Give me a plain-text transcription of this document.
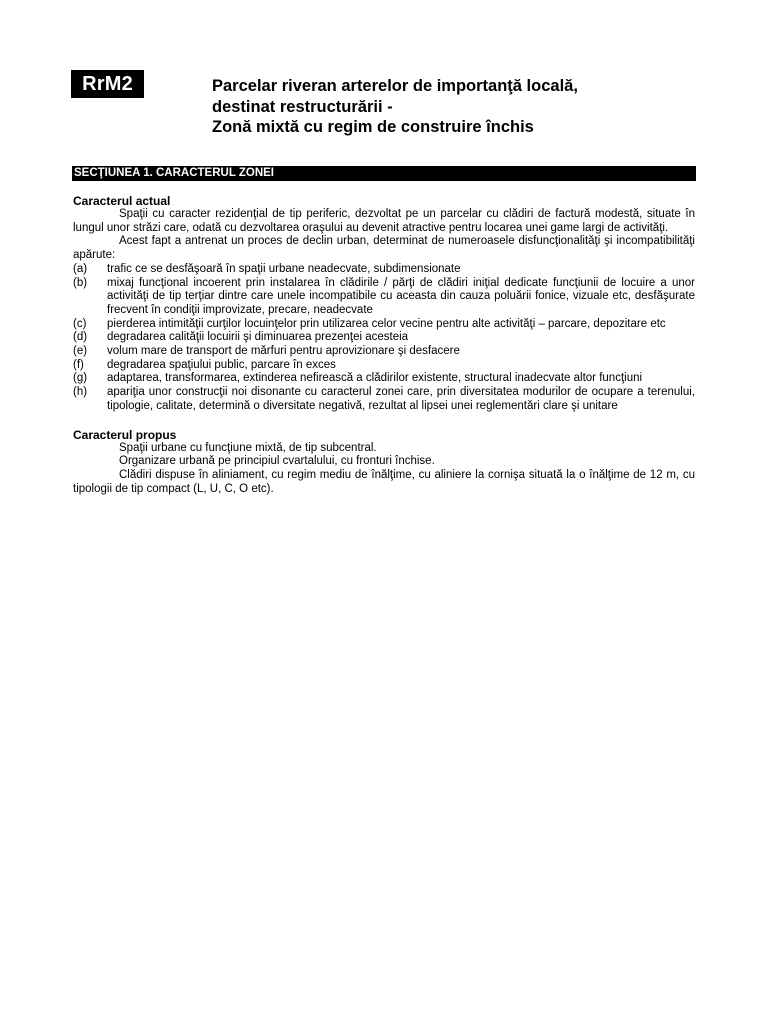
RrM2	Parcelar riveran arterelor de importanţă locală,
destinat restructurării -
Zonă mixtă cu regim de construire închis
SECŢIUNEA 1. CARACTERUL ZONEI
Caracterul actual
Spaţii cu caracter rezidenţial de tip periferic, dezvoltat pe un parcelar cu clădiri de factură modestă, situate în lungul unor străzi care, odată cu dezvoltarea oraşului au devenit atractive pentru locarea unei game largi de activităţi.
Acest fapt a antrenat un proces de declin urban, determinat de numeroasele disfuncţionalităţi şi incompatibilităţi apărute:
(a)	trafic ce se desfăşoară în spaţii urbane neadecvate, subdimensionate
(b)	mixaj funcţional incoerent prin instalarea în clădirile / părţi de clădiri iniţial dedicate funcţiunii de locuire a unor activităţi de tip terţiar dintre care unele incompatibile cu aceasta din cauza poluării fonice, vizuale etc, desfăşurate frecvent în condiţii improvizate, precare, neadecvate
(c)	pierderea intimităţii curţilor locuinţelor prin utilizarea celor vecine pentru alte activităţi – parcare, depozitare etc
(d)	degradarea calităţii locuirii şi diminuarea prezenţei acesteia
(e)	volum mare de transport de mărfuri pentru aprovizionare şi desfacere
(f)	degradarea spaţiului public, parcare în exces
(g)	adaptarea, transformarea, extinderea nefirească a clădirilor existente, structural inadecvate altor funcţiuni
(h)	apariţia unor construcţii noi disonante cu caracterul zonei care, prin diversitatea modurilor de ocupare a terenului, tipologie, calitate, determină o diversitate negativă, rezultat al lipsei unei reglementări clare şi unitare
Caracterul propus
Spaţii urbane cu funcţiune mixtă, de tip subcentral.
Organizare urbană pe principiul cvartalului, cu fronturi închise.
Clădiri dispuse în aliniament, cu regim mediu de înălţime, cu aliniere la cornişa situată la o înălţime de 12 m, cu tipologii de tip compact (L, U, C, O etc).
